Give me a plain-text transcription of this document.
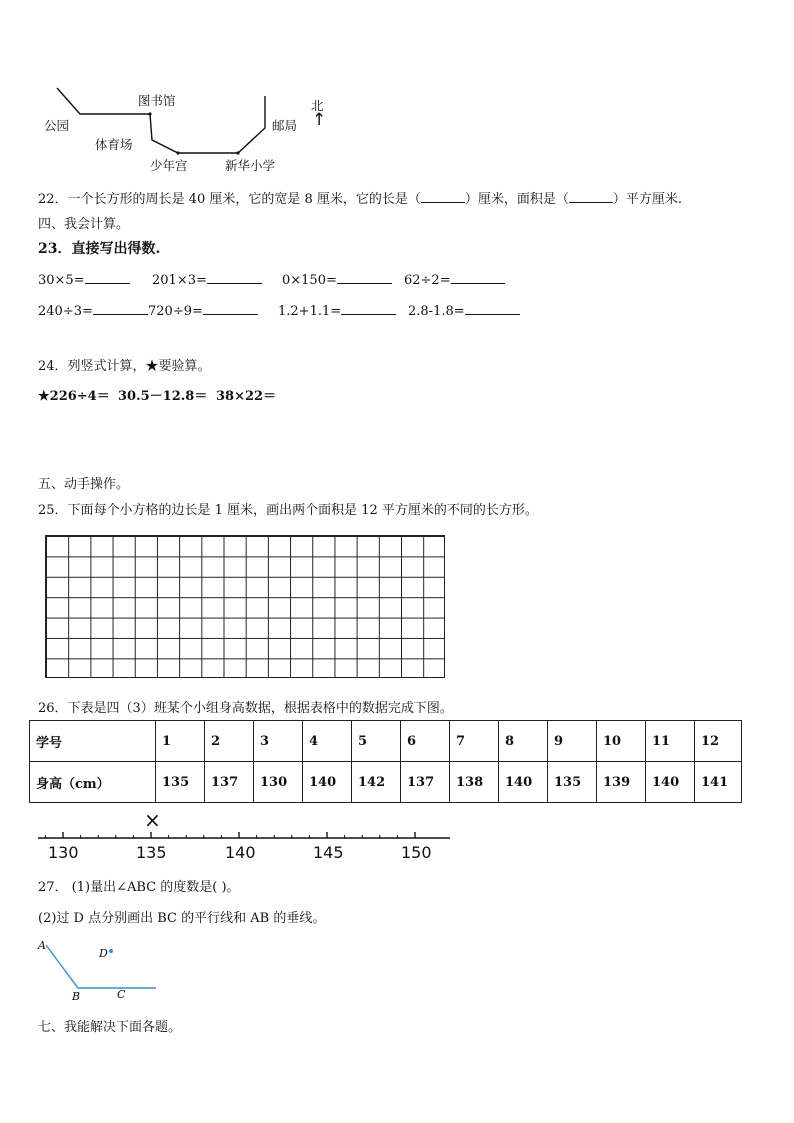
公园
图书馆
体育场
少年宫	新华小学
邮局
北
↑
22．一个长方形的周长是 40 厘米，它的宽是 8 厘米，它的长是（	）厘米，面积是（	）平方厘米.
四、我会计算。
23．直接写出得数.
30×5=	201×3=	0×150=	62÷2=
240÷3=	720÷9=	1.2+1.1=	2.8-1.8=
24．列竖式计算，★要验算。
★226÷4＝ 30.5－12.8＝ 38×22＝
五、动手操作。
25．下面每个小方格的边长是 1 厘米，画出两个面积是 12 平方厘米的不同的长方形。
26．下表是四（3）班某个小组身高数据，根据表格中的数据完成下图。
学号	1	2	3	4	5	6	7	8	9	10	11	12
身高（cm）	135	137	130	140	142	137	138	140	135	139	140	141
×
130	135	140	145	150
27． (1)量出∠ABC 的度数是( )。
(2)过 D 点分别画出 BC 的平行线和 AB 的垂线。
A
B	C
D
七、我能解决下面各题。
